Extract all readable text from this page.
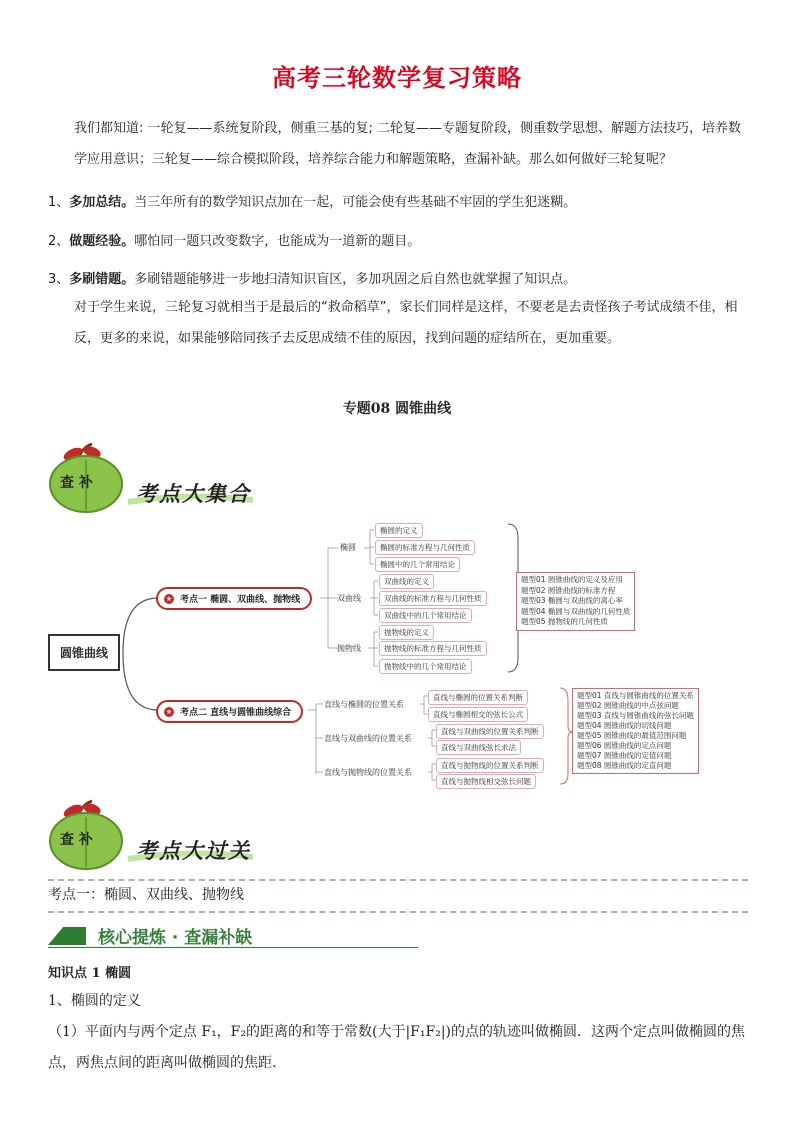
高考三轮数学复习策略
我们都知道: 一轮复——系统复阶段，侧重三基的复; 二轮复——专题复阶段，侧重数学思想、解题方法技巧，培养数学应用意识；三轮复——综合模拟阶段，培养综合能力和解题策略，查漏补缺。那么如何做好三轮复呢？
1、多加总结。当三年所有的数学知识点加在一起，可能会使有些基础不牢固的学生犯迷糊。
2、做题经验。哪怕同一题只改变数字，也能成为一道新的题目。
3、多刷错题。多刷错题能够进一步地扫清知识盲区，多加巩固之后自然也就掌握了知识点。
对于学生来说，三轮复习就相当于是最后的“救命稻草”，家长们同样是这样，不要老是去责怪孩子考试成绩不佳，相反，更多的来说，如果能够陪同孩子去反思成绩不佳的原因，找到问题的症结所在，更加重要。
专题08 圆锥曲线
查 补 考点大集合
圆锥曲线
★ 考点一 椭圆、双曲线、抛物线
★ 考点二 直线与圆锥曲线综合
椭圆
椭圆的定义
椭圆的标准方程与几何性质
椭圆中的几个常用结论
双曲线
双曲线的定义
双曲线的标准方程与几何性质
双曲线中的几个常用结论
抛物线
抛物线的定义
抛物线的标准方程与几何性质
抛物线中的几个常用结论
题型01 圆锥曲线的定义及应用
题型02 圆锥曲线的标准方程
题型03 椭圆与双曲线的离心率
题型04 椭圆与双曲线的几何性质
题型05 抛物线的几何性质
直线与椭圆的位置关系
直线与椭圆的位置关系判断
直线与椭圆相交的弦长公式
直线与双曲线的位置关系
直线与双曲线的位置关系判断
直线与双曲线弦长求法
直线与抛物线的位置关系
直线与抛物线的位置关系判断
直线与抛物线相交弦长问题
题型01 直线与圆锥曲线的位置关系
题型02 圆锥曲线的中点弦问题
题型03 直线与圆锥曲线的弦长问题
题型04 圆锥曲线的切线问题
题型05 圆锥曲线的最值范围问题
题型06 圆锥曲线的定点问题
题型07 圆锥曲线的定值问题
题型08 圆锥曲线的定直问题
查 补 考点大过关
考点一：椭圆、双曲线、抛物线
核心提炼 · 查漏补缺
知识点 1 椭圆
1、椭圆的定义
（1）平面内与两个定点 F₁，F₂的距离的和等于常数(大于|F₁F₂|)的点的轨迹叫做椭圆．这两个定点叫做椭圆的焦点，两焦点间的距离叫做椭圆的焦距.
